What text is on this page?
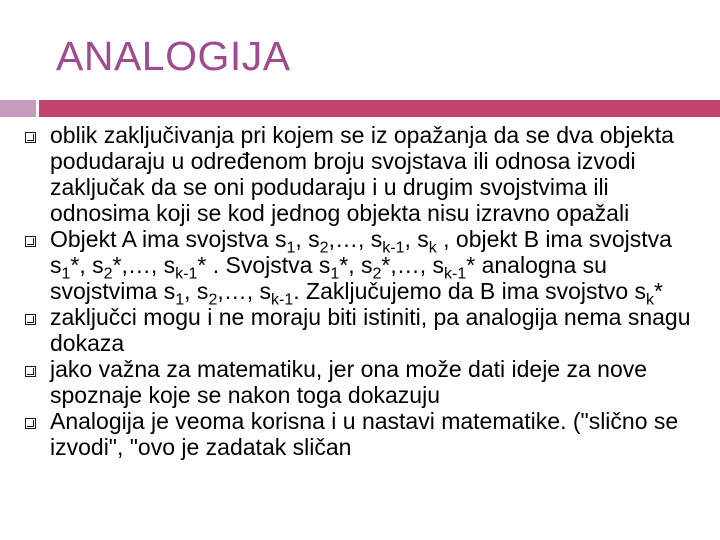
ANALOGIJA
oblik zaključivanja pri kojem se iz opažanja da se dva objekta podudaraju u određenom broju svojstava ili odnosa izvodi zaključak da se oni podudaraju i u drugim svojstvima ili odnosima koji se kod jednog objekta nisu izravno opažali
Objekt A ima svojstva $s_1$, $s_2,\dots$, $s_{k-1}$, $s_k$ , objekt B ima svojstva $s_1*$, $s_2*,\dots$, $s_{k-1}*$ . Svojstva $s_1*$, $s_2*,\dots$, $s_{k-1}*$ analogna su svojstvima $s_1$, $s_2,\dots$, $s_{k-1}$. Zaključujemo da B ima svojstvo $s_k*$
zaključci mogu i ne moraju biti istiniti, pa analogija nema snagu dokaza
jako važna za matematiku, jer ona može dati ideje za nove spoznaje koje se nakon toga dokazuju
Analogija je veoma korisna i u nastavi matematike. ("slično se izvodi", "ovo je zadatak sličan
